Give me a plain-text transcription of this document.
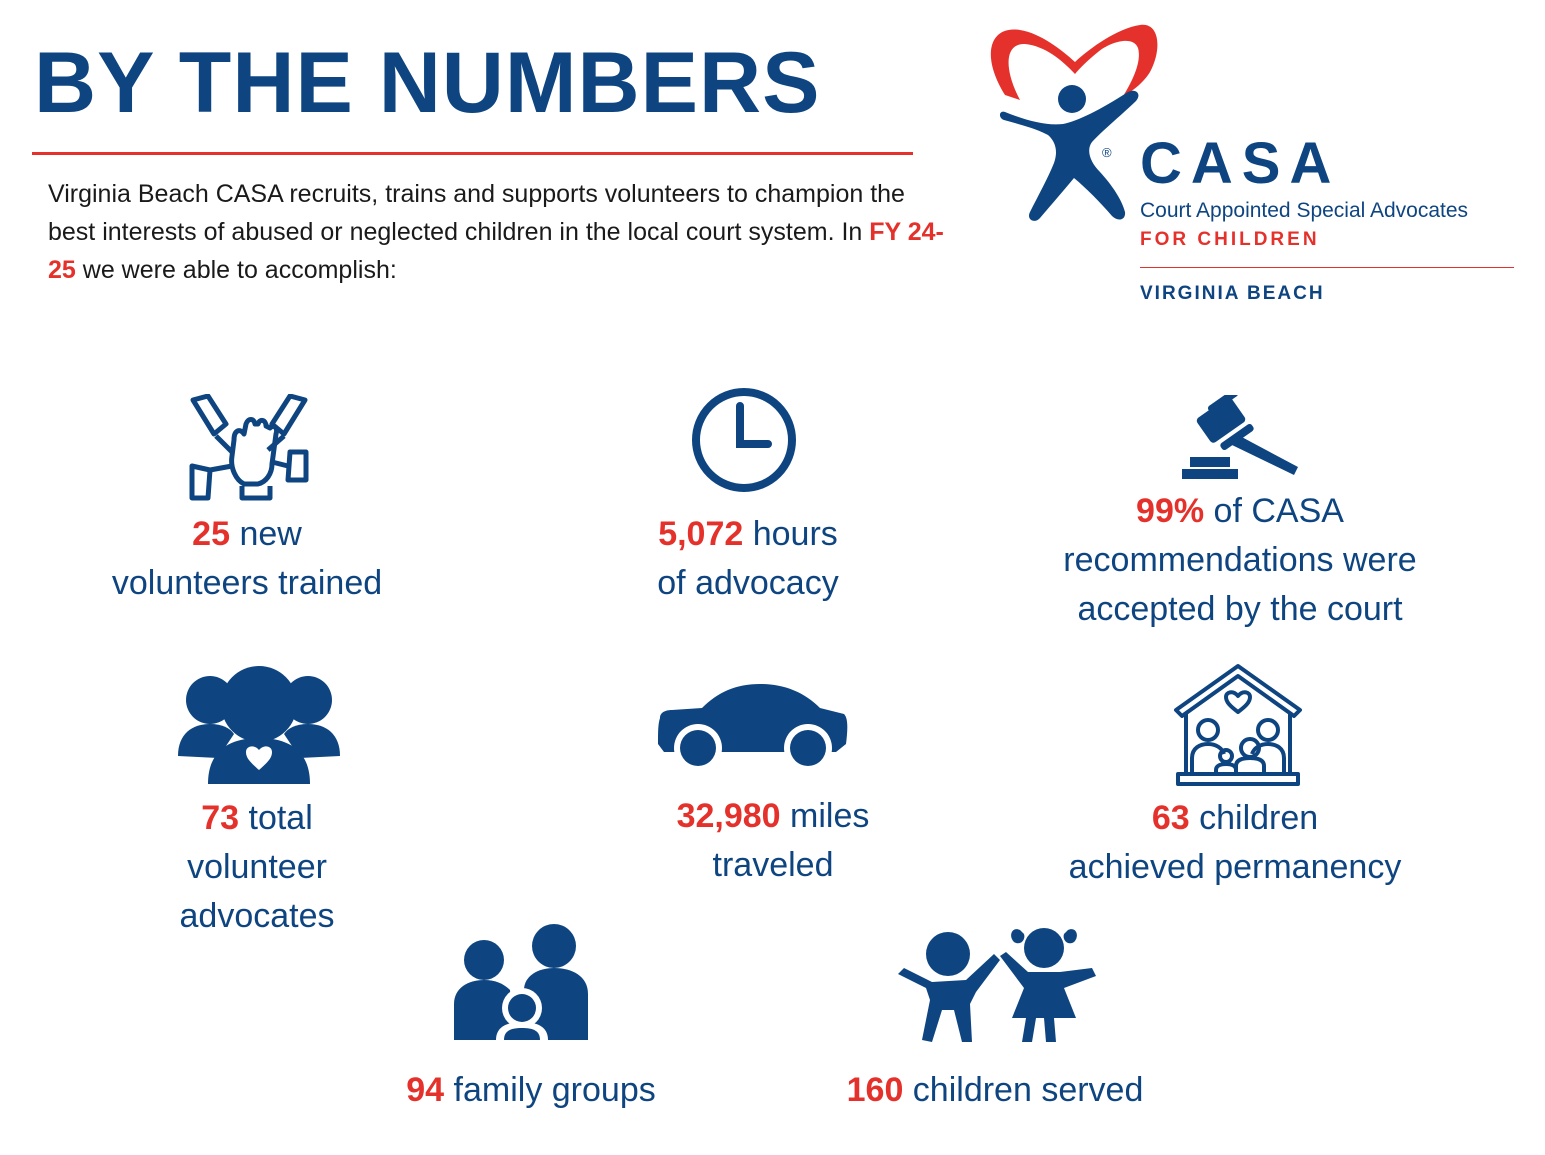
BY THE NUMBERS

Virginia Beach CASA recruits, trains and supports volunteers to champion the best interests of abused or neglected children in the local court system. In FY 24-25 we were able to accomplish:

® CASA
Court Appointed Special Advocates
FOR CHILDREN
VIRGINIA BEACH
25 new
volunteers trained
5,072 hours
of advocacy
99% of CASA
recommendations were
accepted by the court
73 total
volunteer
advocates
32,980 miles
traveled
63 children
achieved permanency
94 family groups	160 children served
